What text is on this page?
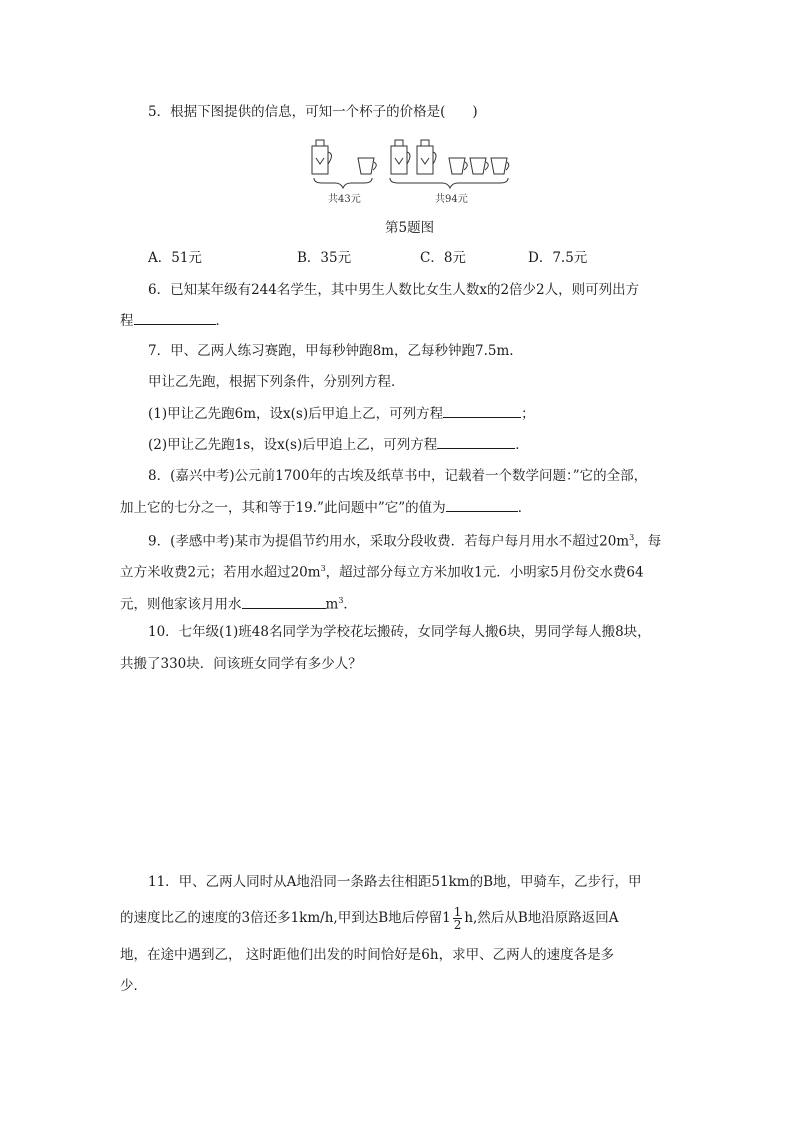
5．根据下图提供的信息，可知一个杯子的价格是(　　)
共43元	共94元
第5题图
A．51元	B．35元	C．8元	D．7.5元
6．已知某年级有244名学生，其中男生人数比女生人数x的2倍少2人，则可列出方
程	．
7．甲、乙两人练习赛跑，甲每秒钟跑8m，乙每秒钟跑7.5m.
甲让乙先跑，根据下列条件，分别列方程．
(1)甲让乙先跑6m，设x(s)后甲追上乙，可列方程	；
(2)甲让乙先跑1s，设x(s)后甲追上乙，可列方程	．
8．(嘉兴中考)公元前1700年的古埃及纸草书中，记载着一个数学问题：”它的全部，
加上它的七分之一，其和等于19.”此问题中”它”的值为	．
9．(孝感中考)某市为提倡节约用水，采取分段收费．若每户每月用水不超过$20m^3$，每
立方米收费2元；若用水超过$20m^3$，超过部分每立方米加收1元．小明家5月份交水费64
元，则他家该月用水	$m^3$．
10．七年级(1)班48名同学为学校花坛搬砖，女同学每人搬6块，男同学每人搬8块，
共搬了330块．问该班女同学有多少人？
11．甲、乙两人同时从A地沿同一条路去往相距51km的B地，甲骑车，乙步行，甲
的速度比乙的速度的3倍还多1km/h,甲到达B地后停留$1 \frac{1}{2} h$,然后从B地沿原路返回A
地，在途中遇到乙， 这时距他们出发的时间恰好是6h，求甲、乙两人的速度各是多
少．
